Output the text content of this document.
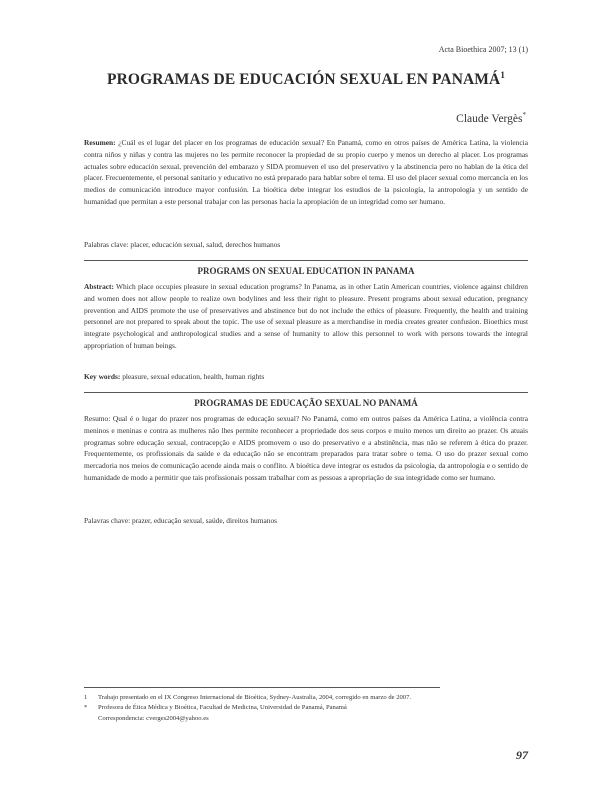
Acta Bioethica 2007; 13 (1)
PROGRAMAS DE EDUCACIÓN SEXUAL EN PANAMÁ$^1$
Claude Vergès*
Resumen: ¿Cuál es el lugar del placer en los programas de educación sexual? En Panamá, como en otros países de América Latina, la violencia contra niños y niñas y contra las mujeres no les permite reconocer la propiedad de su propio cuerpo y menos un derecho al placer. Los programas actuales sobre educación sexual, prevención del embarazo y SIDA promueven el uso del preservativo y la abstinencia pero no hablan de la ética del placer. Frecuentemente, el personal sanitario y educativo no está preparado para hablar sobre el tema. El uso del placer sexual como mercancía en los medios de comunicación introduce mayor confusión. La bioética debe integrar los estudios de la psicología, la antropología y un sentido de humanidad que permitan a este personal trabajar con las personas hacia la apropiación de un integridad como ser humano.
Palabras clave: placer, educación sexual, salud, derechos humanos
PROGRAMS ON SEXUAL EDUCATION IN PANAMA
Abstract: Which place occupies pleasure in sexual education programs? In Panama, as in other Latin American countries, violence against children and women does not allow people to realize own bodylines and less their right to pleasure. Present programs about sexual education, pregnancy prevention and AIDS promote the use of preservatives and abstinence but do not include the ethics of pleasure. Frequently, the health and training personnel are not prepared to speak about the topic. The use of sexual pleasure as a merchandise in media creates greater confusion. Bioethics must integrate psychological and anthropological studies and a sense of humanity to allow this personnel to work with persons towards the integral appropriation of human beings.
Key words: pleasure, sexual education, health, human rights
PROGRAMAS DE EDUCAÇÃO SEXUAL NO PANAMÁ
Resumo: Qual é o lugar do prazer nos programas de educação sexual? No Panamá, como em outros países da América Latina, a violência contra meninos e meninas e contra as mulheres não lhes permite reconhecer a propriedade dos seus corpos e muito menos um direito ao prazer. Os atuais programas sobre educação sexual, contracepção e AIDS promovem o uso do preservativo e a abstinência, mas não se referem à ética do prazer. Frequentemente, os profissionais da saúde e da educação não se encontram preparados para tratar sobre o tema. O uso do prazer sexual como mercadoria nos meios de comunicação acende ainda mais o conflito. A bioética deve integrar os estudos da psicologia, da antropologia e o sentido de humanidade de modo a permitir que tais profissionais possam trabalhar com as pessoas a apropriação de sua integridade como ser humano.
Palavras chave: prazer, educação sexual, saúde, direitos humanos
1 Trabajo presentado en el IX Congreso Internacional de Bioética, Sydney-Australia, 2004, corregido en marzo de 2007.
* Profesora de Ética Médica y Bioética, Facultad de Medicina, Universidad de Panamá, Panamá
Correspondencia: cverges2004@yahoo.es
97
